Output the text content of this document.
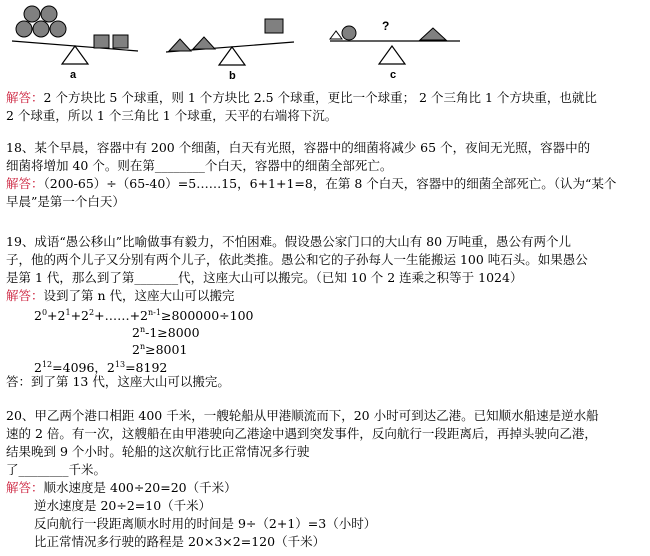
a	b
?
c
解答：2 个方块比 5 个球重，则 1 个方块比 2.5 个球重，更比一个球重； 2 个三角比 1 个方块重，也就比
2 个球重，所以 1 个三角比 1 个球重，天平的右端将下沉。
18、某个早晨，容器中有 200 个细菌，白天有光照，容器中的细菌将减少 65 个，夜间无光照，容器中的
细菌将增加 40 个。则在第________个白天，容器中的细菌全部死亡。
解答：（200-65）÷（65-40）=5……15，6+1+1=8，在第 8 个白天，容器中的细菌全部死亡。（认为“某个
早晨”是第一个白天）
19、成语“愚公移山”比喻做事有毅力，不怕困难。假设愚公家门口的大山有 80 万吨重，愚公有两个儿
子，他的两个儿子又分别有两个儿子，依此类推。愚公和它的子孙每人一生能搬运 100 吨石头。如果愚公
是第 1 代，那么到了第_______代，这座大山可以搬完。（已知 10 个 2 连乘之积等于 1024）
解答：设到了第 n 代，这座大山可以搬完
$2^0+2^1+2^2+\dots\dots+2^{n-1}\ge 800000\div 100$
$2^n-1\ge 8000$
$2^n\ge 8001$
$2^{12}=4096$，$2^{13}=8192$
答：到了第 13 代，这座大山可以搬完。
20、甲乙两个港口相距 400 千米，一艘轮船从甲港顺流而下，20 小时可到达乙港。已知顺水船速是逆水船
速的 2 倍。有一次，这艘船在由甲港驶向乙港途中遇到突发事件，反向航行一段距离后，再掉头驶向乙港，
结果晚到 9 个小时。轮船的这次航行比正常情况多行驶
了________千米。
解答：顺水速度是 400÷20=20（千米）
逆水速度是 20÷2=10（千米）
反向航行一段距离顺水时用的时间是 9÷（2+1）=3（小时）
比正常情况多行驶的路程是 20×3×2=120（千米）
